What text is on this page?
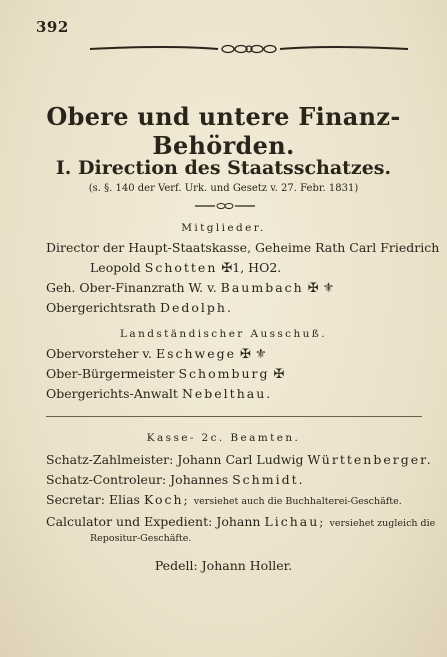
392
Obere und untere Finanz-Behörden.
I. Direction des Staatsschatzes.
(s. §. 140 der Verf. Urk. und Gesetz v. 27. Febr. 1831)
Mitglieder.
Director der Haupt-Staatskasse, Geheime Rath Carl Friedrich
Leopold Schotten ✠1, HO2.
Geh. Ober-Finanzrath W. v. Baumbach ✠ ⚜
Obergerichtsrath Dedolph.
Landständischer Ausschuß.
Obervorsteher v. Eschwege ✠ ⚜
Ober-Bürgermeister Schomburg ✠
Obergerichts-Anwalt Nebelthau.
Kasse- 2c. Beamten.
Schatz-Zahlmeister: Johann Carl Ludwig Württenberger.
Schatz-Controleur: Johannes Schmidt.
Secretar: Elias Koch; versiehet auch die Buchhalterei-Geschäfte.
Calculator und Expedient: Johann Lichau; versiehet zugleich die
Repositur-Geschäfte.
Pedell: Johann Holler.
